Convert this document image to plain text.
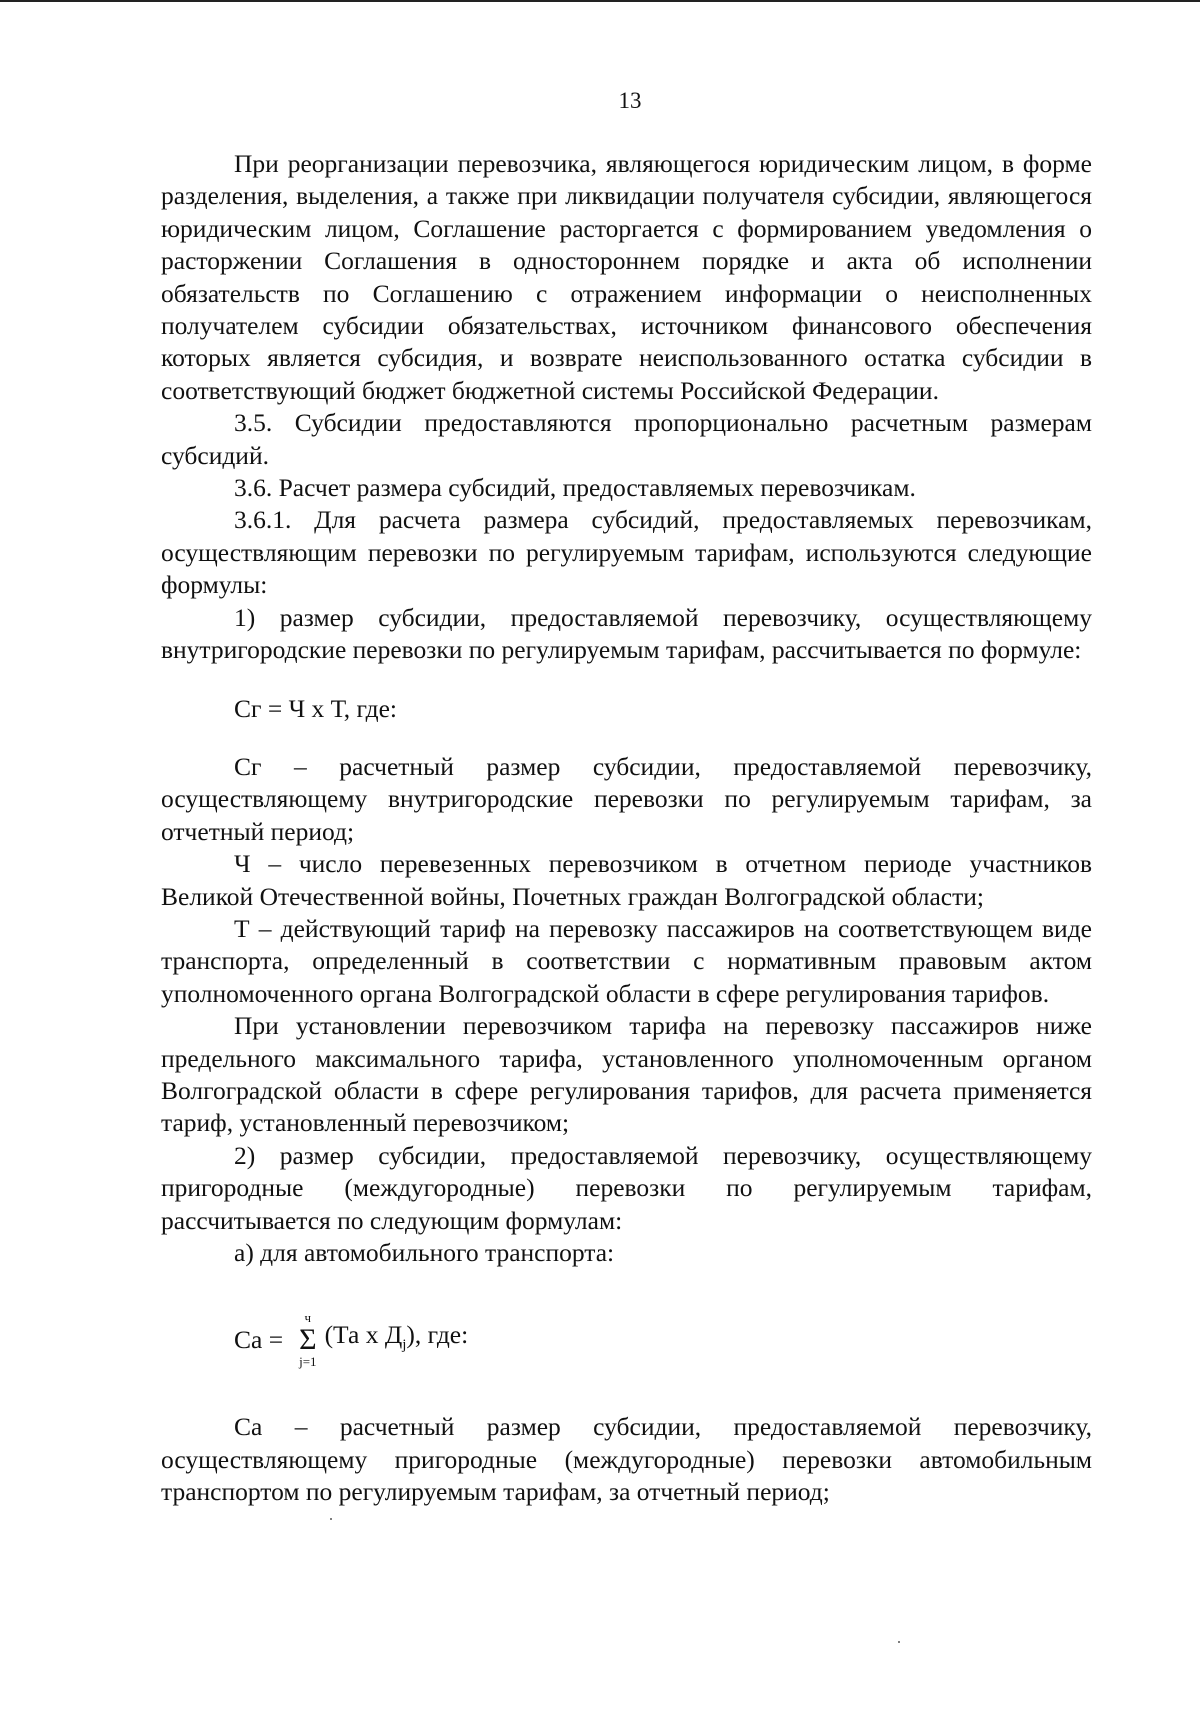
13

При реорганизации перевозчика, являющегося юридическим лицом, в форме разделения, выделения, а также при ликвидации получателя субсидии, являющегося юридическим лицом, Соглашение расторгается с формированием уведомления о расторжении Соглашения в одностороннем порядке и акта об исполнении обязательств по Соглашению с отражением информации о неисполненных получателем субсидии обязательствах, источником финансового обеспечения которых является субсидия, и возврате неиспользованного остатка субсидии в соответствующий бюджет бюджетной системы Российской Федерации.

3.5. Субсидии предоставляются пропорционально расчетным размерам субсидий.

3.6. Расчет размера субсидий, предоставляемых перевозчикам.

3.6.1. Для расчета размера субсидий, предоставляемых перевозчикам, осуществляющим перевозки по регулируемым тарифам, используются следующие формулы:

1) размер субсидии, предоставляемой перевозчику, осуществляющему внутригородские перевозки по регулируемым тарифам, рассчитывается по формуле:

Сг = Ч х Т, где:

Сг – расчетный размер субсидии, предоставляемой перевозчику, осуществляющему внутригородские перевозки по регулируемым тарифам, за отчетный период;

Ч – число перевезенных перевозчиком в отчетном периоде участников Великой Отечественной войны, Почетных граждан Волгоградской области;

Т – действующий тариф на перевозку пассажиров на соответствующем виде транспорта, определенный в соответствии с нормативным правовым актом уполномоченного органа Волгоградской области в сфере регулирования тарифов.

При установлении перевозчиком тарифа на перевозку пассажиров ниже предельного максимального тарифа, установленного уполномоченным органом Волгоградской области в сфере регулирования тарифов, для расчета применяется тариф, установленный перевозчиком;

2) размер субсидии, предоставляемой перевозчику, осуществляющему пригородные (междугородные) перевозки по регулируемым тарифам, рассчитывается по следующим формулам:

а) для автомобильного транспорта:

Са =
ч
Σ
j=1
(Та х $Д_j$), где:

Са – расчетный размер субсидии, предоставляемой перевозчику, осуществляющему пригородные (междугородные) перевозки автомобильным транспортом по регулируемым тарифам, за отчетный период;
